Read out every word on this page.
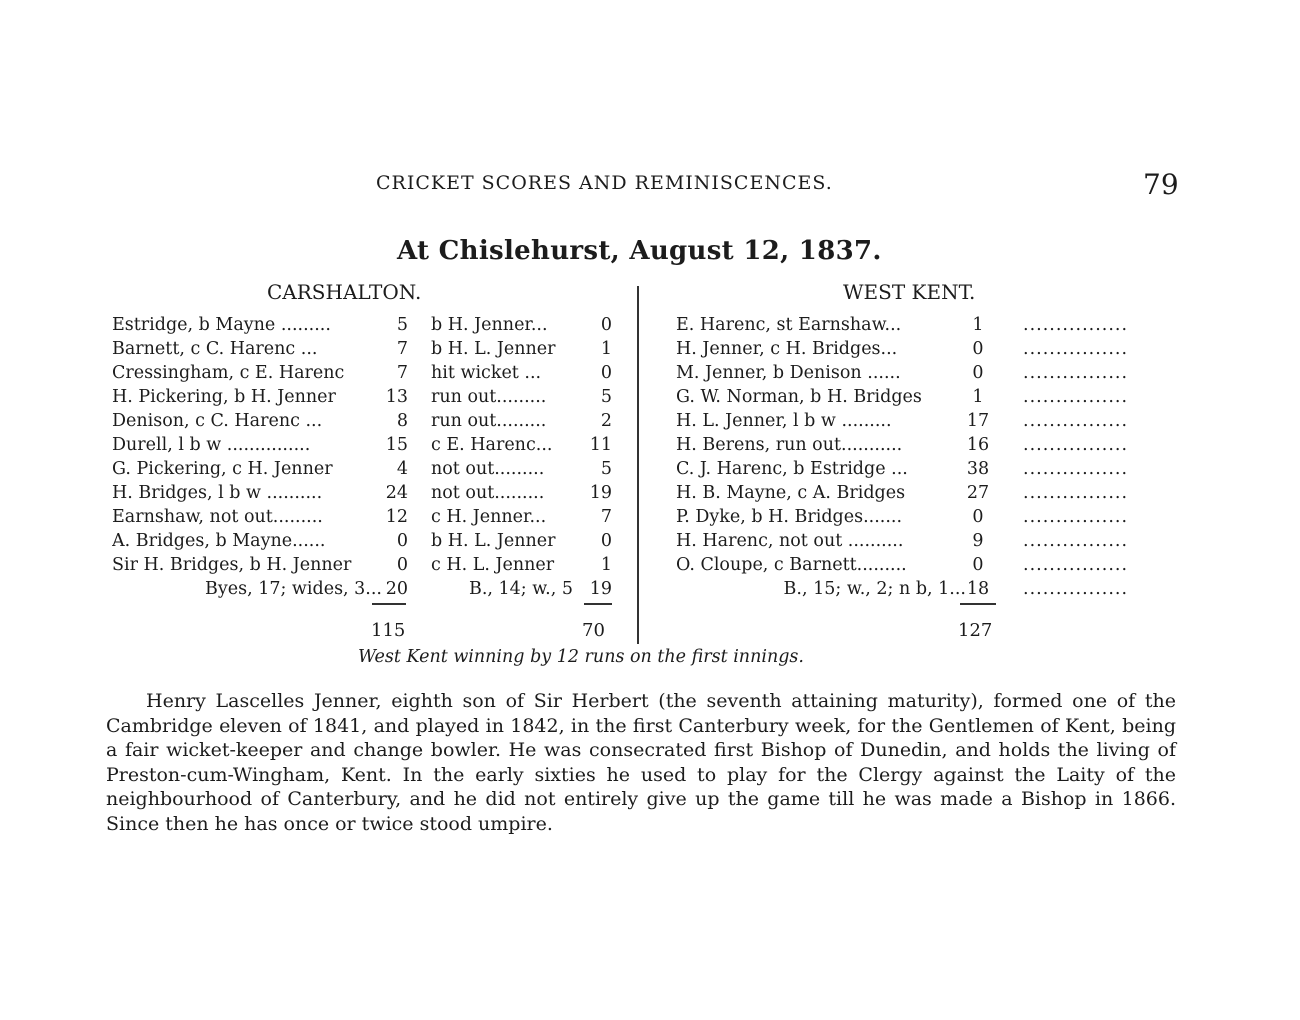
CRICKET SCORES AND REMINISCENCES.	79
At Chislehurst, August 12, 1837.
CARSHALTON.	WEST KENT.
Estridge, b Mayne .........	5 b H. Jenner...	0	E. Harenc, st Earnshaw...	1	................
Barnett, c C. Harenc ...	7 b H. L. Jenner	1	H. Jenner, c H. Bridges...	0	................
Cressingham, c E. Harenc	7 hit wicket ...	0	M. Jenner, b Denison ......	0	................
H. Pickering, b H. Jenner	13 run out.........	5	G. W. Norman, b H. Bridges	1	................
Denison, c C. Harenc ...	8 run out.........	2	H. L. Jenner, l b w .........	17	................
Durell, l b w ...............	15 c E. Harenc...	11	H. Berens, run out...........	16	................
G. Pickering, c H. Jenner	4 not out.........	5	C. J. Harenc, b Estridge ...	38	................
H. Bridges, l b w ..........	24 not out.........	19	H. B. Mayne, c A. Bridges	27	................
Earnshaw, not out.........	12 c H. Jenner...	7	P. Dyke, b H. Bridges.......	0	................
A. Bridges, b Mayne......	0 b H. L. Jenner	0	H. Harenc, not out ..........	9	................
Sir H. Bridges, b H. Jenner	0 c H. L. Jenner	1	O. Cloupe, c Barnett.........	0	................
Byes, 17; wides, 3... 20	B., 14; w., 5 19	B., 15; w., 2; n b, 1... 18	................
115	70	127
West Kent winning by 12 runs on the first innings.
Henry Lascelles Jenner, eighth son of Sir Herbert (the seventh attaining maturity), formed one of the Cambridge eleven of 1841, and played in 1842, in the first Canterbury week, for the Gentlemen of Kent, being a fair wicket-keeper and change bowler. He was consecrated first Bishop of Dunedin, and holds the living of Preston-cum-Wingham, Kent. In the early sixties he used to play for the Clergy against the Laity of the neighbourhood of Canterbury, and he did not entirely give up the game till he was made a Bishop in 1866. Since then he has once or twice stood umpire.
